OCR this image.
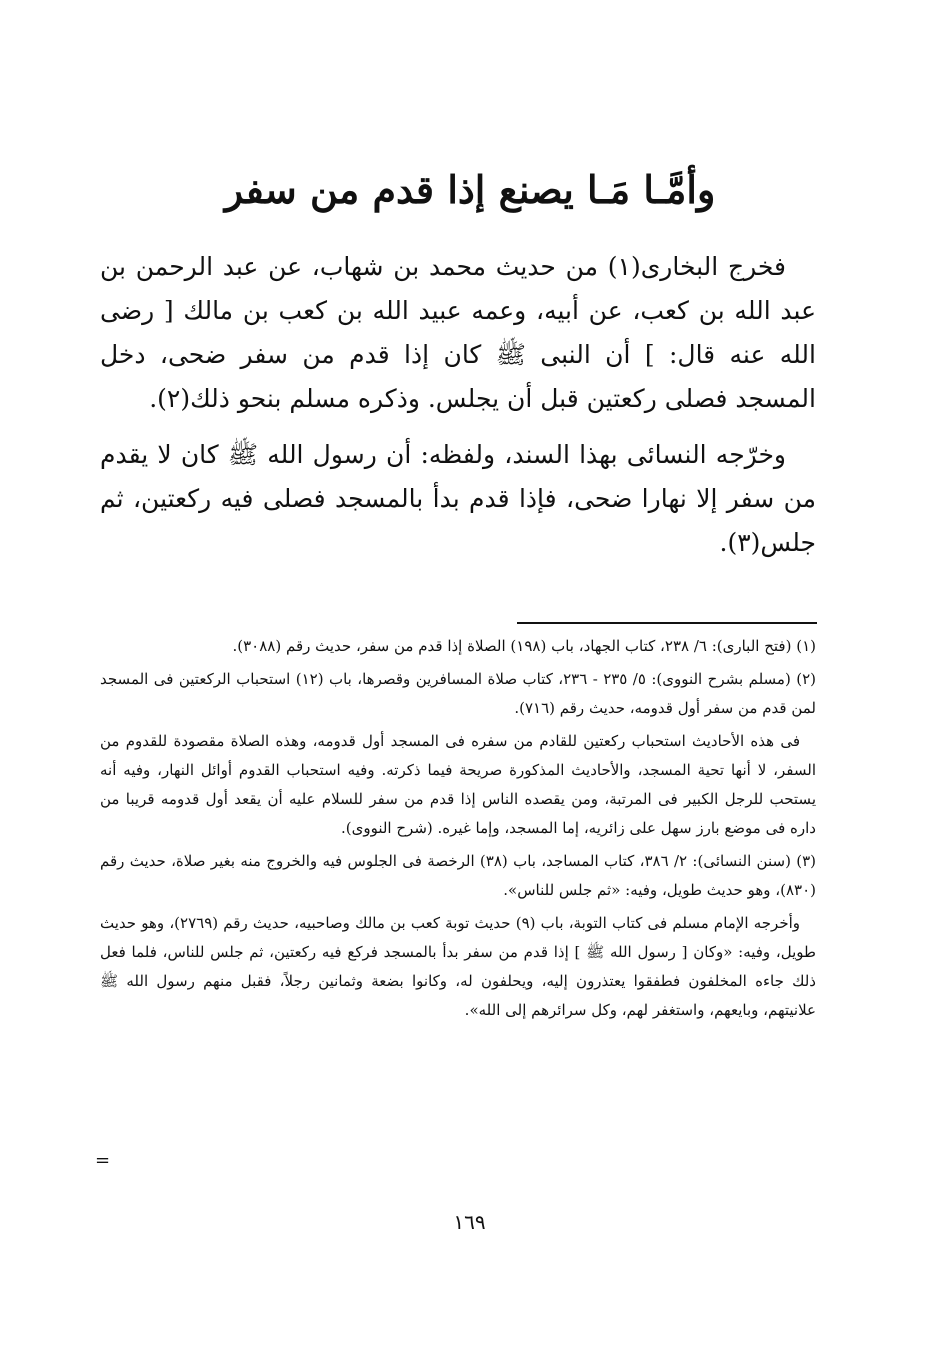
وأمَّـا مَـا يصنع إذا قدم من سفر

فخرج البخارى(١) من حديث محمد بن شهاب، عن عبد الرحمن بن عبد الله بن كعب، عن أبيه، وعمه عبيد الله بن كعب بن مالك [ رضى الله عنه قال: ] أن النبى ﷺ كان إذا قدم من سفر ضحى، دخل المسجد فصلى ركعتين قبل أن يجلس. وذكره مسلم بنحو ذلك(٢).

وخرّجه النسائى بهذا السند، ولفظه: أن رسول الله ﷺ كان لا يقدم من سفر إلا نهارا ضحى، فإذا قدم بدأ بالمسجد فصلى فيه ركعتين، ثم جلس(٣).

(١) (فتح البارى): ٦/ ٢٣٨، كتاب الجهاد، باب (١٩٨) الصلاة إذا قدم من سفر، حديث رقم (٣٠٨٨).

(٢) (مسلم بشرح النووى): ٥/ ٢٣٥ - ٢٣٦، كتاب صلاة المسافرين وقصرها، باب (١٢) استحباب الركعتين فى المسجد لمن قدم من سفر أول قدومه، حديث رقم (٧١٦).

فى هذه الأحاديث استحباب ركعتين للقادم من سفره فى المسجد أول قدومه، وهذه الصلاة مقصودة للقدوم من السفر، لا أنها تحية المسجد، والأحاديث المذكورة صريحة فيما ذكرته. وفيه استحباب القدوم أوائل النهار، وفيه أنه يستحب للرجل الكبير فى المرتبة، ومن يقصده الناس إذا قدم من سفر للسلام عليه أن يقعد أول قدومه قريبا من داره فى موضع بارز سهل على زائريه، إما المسجد، وإما غيره. (شرح النووى).

(٣) (سنن النسائى): ٢/ ٣٨٦، كتاب المساجد، باب (٣٨) الرخصة فى الجلوس فيه والخروج منه بغير صلاة، حديث رقم (٨٣٠)، وهو حديث طويل، وفيه: «ثم جلس للناس».

وأخرجه الإمام مسلم فى كتاب التوبة، باب (٩) حديث توبة كعب بن مالك وصاحبيه، حديث رقم (٢٧٦٩)، وهو حديث طويل، وفيه: «وكان [ رسول الله ﷺ ] إذا قدم من سفر بدأ بالمسجد فركع فيه ركعتين، ثم جلس للناس، فلما فعل ذلك جاءه المخلفون فطفقوا يعتذرون إليه، ويحلفون له، وكانوا بضعة وثمانين رجلاً، فقبل منهم رسول الله ﷺ علانيتهم، وبايعهم، واستغفر لهم، وكل سرائرهم إلى الله».

=
١٦٩
